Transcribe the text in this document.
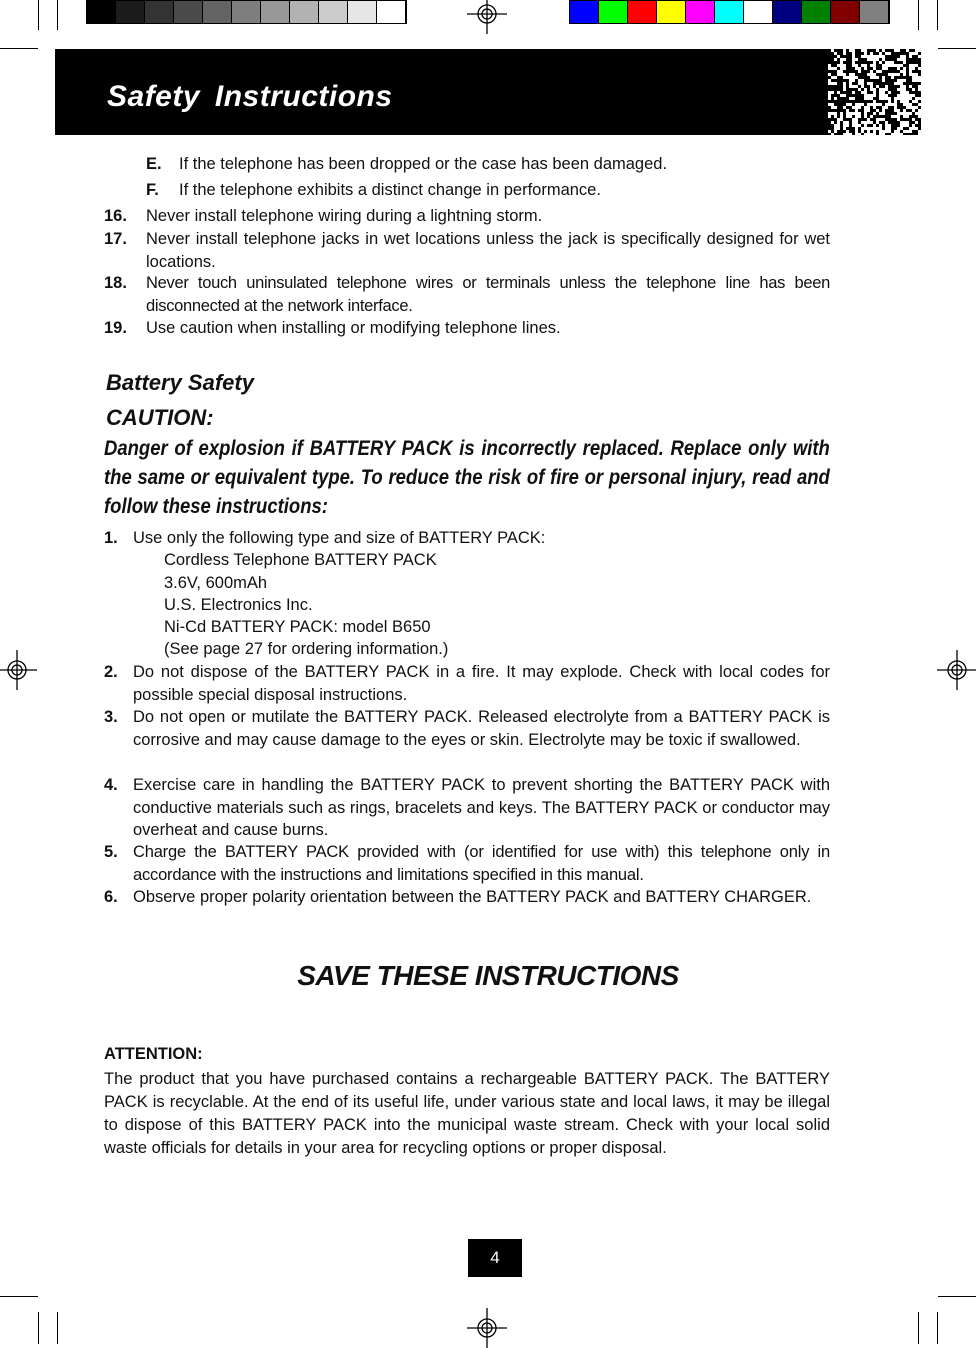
Safety Instructions
E. If the telephone has been dropped or the case has been damaged.
F. If the telephone exhibits a distinct change in performance.
16. Never install telephone wiring during a lightning storm.
17. Never install telephone jacks in wet locations unless the jack is specifically designed for wet locations.
18. Never touch uninsulated telephone wires or terminals unless the telephone line has been disconnected at the network interface.
19. Use caution when installing or modifying telephone lines.
Battery Safety
CAUTION:
Danger of explosion if BATTERY PACK is incorrectly replaced. Replace only with the same or equivalent type. To reduce the risk of fire or personal injury, read and follow these instructions:
1. Use only the following type and size of BATTERY PACK:
Cordless Telephone BATTERY PACK
3.6V, 600mAh
U.S. Electronics Inc.
Ni-Cd BATTERY PACK: model B650
(See page 27 for ordering information.)
2. Do not dispose of the BATTERY PACK in a fire. It may explode. Check with local codes for possible special disposal instructions.
3. Do not open or mutilate the BATTERY PACK. Released electrolyte from a BATTERY PACK is corrosive and may cause damage to the eyes or skin. Electrolyte may be toxic if swallowed.
4. Exercise care in handling the BATTERY PACK to prevent shorting the BATTERY PACK with conductive materials such as rings, bracelets and keys. The BATTERY PACK or conductor may overheat and cause burns.
5. Charge the BATTERY PACK provided with (or identified for use with) this telephone only in accordance with the instructions and limitations specified in this manual.
6. Observe proper polarity orientation between the BATTERY PACK and BATTERY CHARGER.
SAVE THESE INSTRUCTIONS
ATTENTION:
The product that you have purchased contains a rechargeable BATTERY PACK. The BATTERY PACK is recyclable. At the end of its useful life, under various state and local laws, it may be illegal to dispose of this BATTERY PACK into the municipal waste stream. Check with your local solid waste officials for details in your area for recycling options or proper disposal.
4
